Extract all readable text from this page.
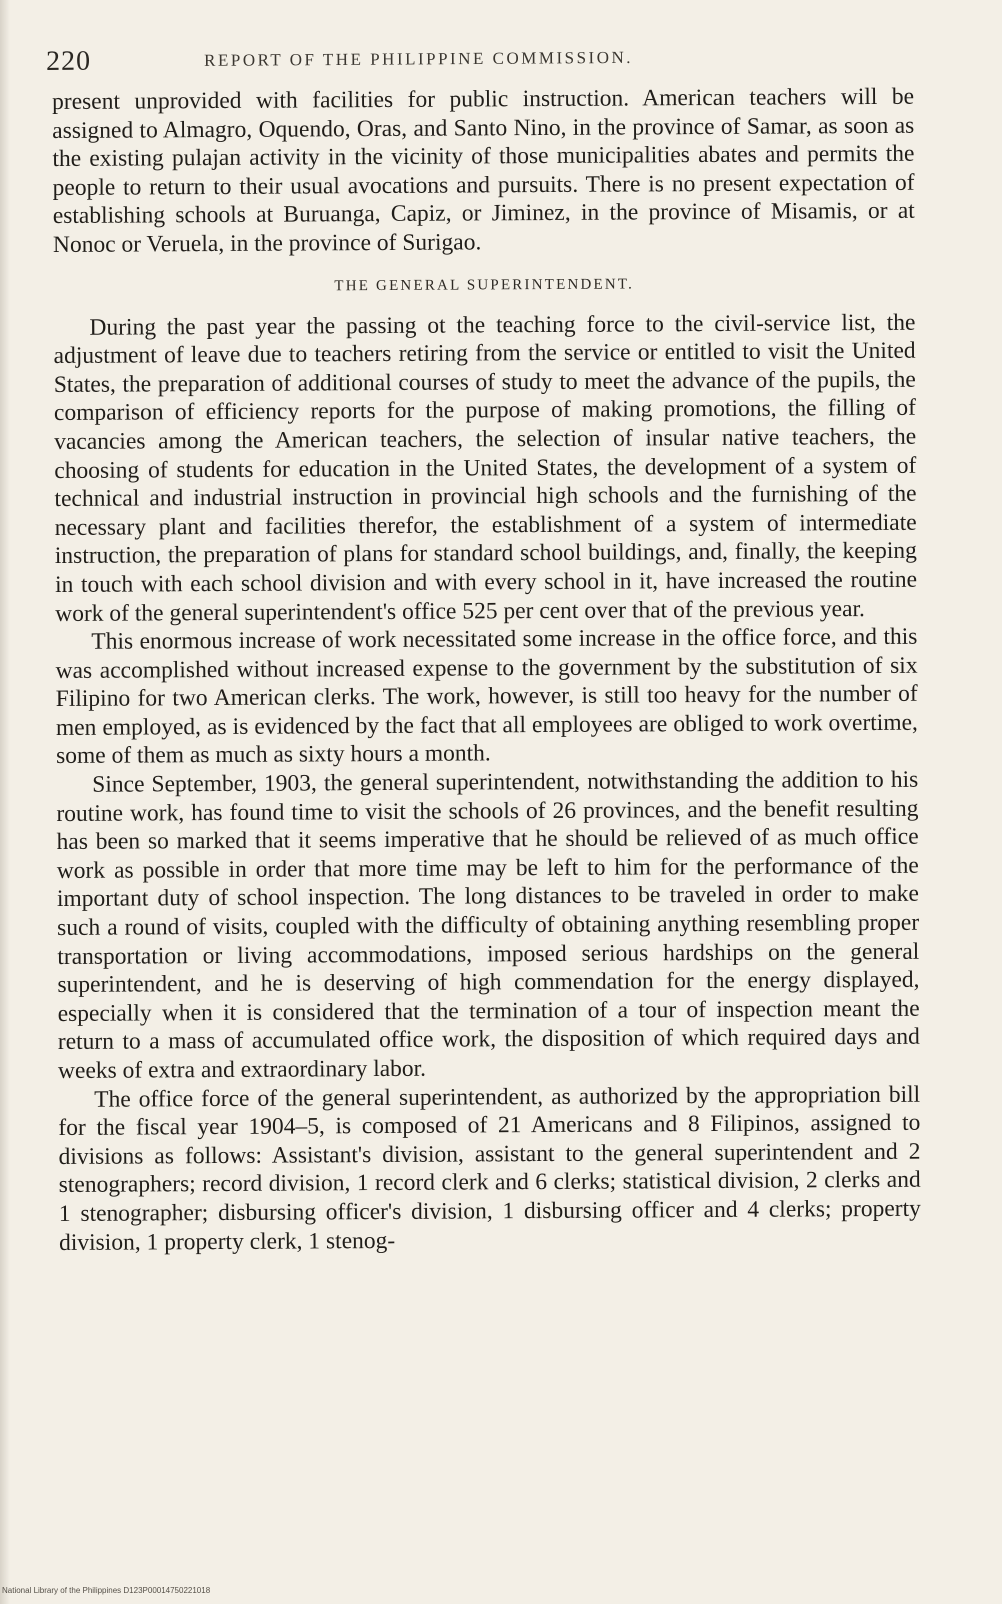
220	REPORT OF THE PHILIPPINE COMMISSION.

present unprovided with facilities for public instruction. American teachers will be assigned to Almagro, Oquendo, Oras, and Santo Nino, in the province of Samar, as soon as the existing pulajan activity in the vicinity of those municipalities abates and permits the people to return to their usual avocations and pursuits. There is no present expectation of establishing schools at Buruanga, Capiz, or Jiminez, in the province of Misamis, or at Nonoc or Veruela, in the province of Surigao.

THE GENERAL SUPERINTENDENT.

During the past year the passing ot the teaching force to the civil-service list, the adjustment of leave due to teachers retiring from the service or entitled to visit the United States, the preparation of additional courses of study to meet the advance of the pupils, the comparison of efficiency reports for the purpose of making promotions, the filling of vacancies among the American teachers, the selection of insular native teachers, the choosing of students for education in the United States, the development of a system of technical and industrial instruction in provincial high schools and the furnishing of the necessary plant and facilities therefor, the establishment of a system of intermediate instruction, the preparation of plans for standard school buildings, and, finally, the keeping in touch with each school division and with every school in it, have increased the routine work of the general superintendent's office 525 per cent over that of the previous year.

This enormous increase of work necessitated some increase in the office force, and this was accomplished without increased expense to the government by the substitution of six Filipino for two American clerks. The work, however, is still too heavy for the number of men employed, as is evidenced by the fact that all employees are obliged to work overtime, some of them as much as sixty hours a month.

Since September, 1903, the general superintendent, notwithstanding the addition to his routine work, has found time to visit the schools of 26 provinces, and the benefit resulting has been so marked that it seems imperative that he should be relieved of as much office work as possible in order that more time may be left to him for the performance of the important duty of school inspection. The long distances to be traveled in order to make such a round of visits, coupled with the difficulty of obtaining anything resembling proper transportation or living accommodations, imposed serious hardships on the general superintendent, and he is deserving of high commendation for the energy displayed, especially when it is considered that the termination of a tour of inspection meant the return to a mass of accumulated office work, the disposition of which required days and weeks of extra and extraordinary labor.

The office force of the general superintendent, as authorized by the appropriation bill for the fiscal year 1904–5, is composed of 21 Americans and 8 Filipinos, assigned to divisions as follows: Assistant's division, assistant to the general superintendent and 2 stenographers; record division, 1 record clerk and 6 clerks; statistical division, 2 clerks and 1 stenographer; disbursing officer's division, 1 disbursing officer and 4 clerks; property division, 1 property clerk, 1 stenog-

National Library of the Philippines D123P00014750221018
